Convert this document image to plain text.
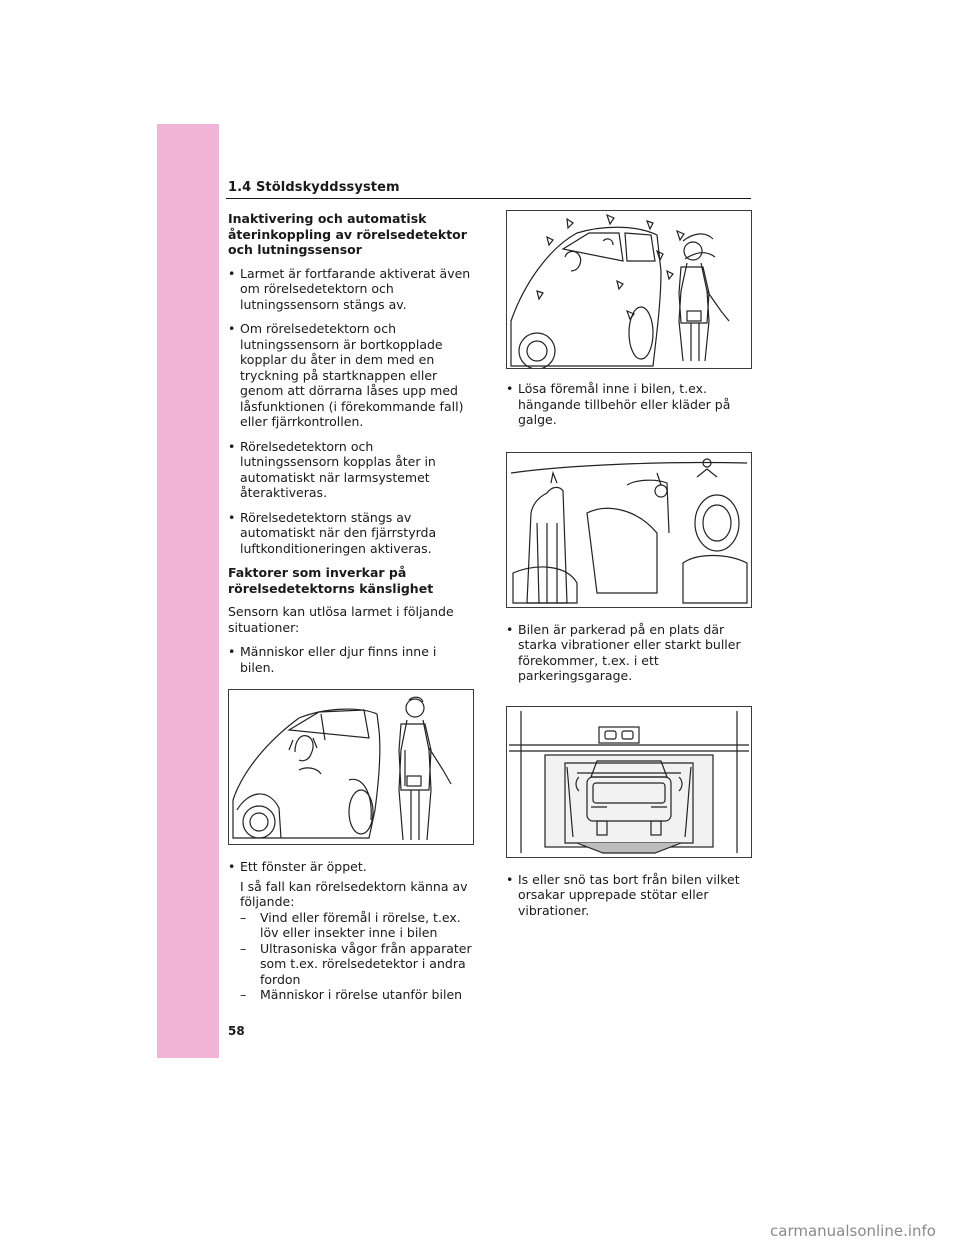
1.4 Stöldskyddssystem
Inaktivering och automatisk återinkoppling av rörelsedetektor och lutningssensor
• Larmet är fortfarande aktiverat även om rörelsedetektorn och lutningssensorn stängs av.
• Om rörelsedetektorn och lutningssensorn är bortkopplade kopplar du åter in dem med en tryckning på startknappen eller genom att dörrarna låses upp med låsfunktionen (i förekommande fall) eller fjärrkontrollen.
• Rörelsedetektorn och lutningssensorn kopplas åter in automatiskt när larmsystemet återaktiveras.
• Rörelsedetektorn stängs av automatiskt när den fjärrstyrda luftkonditioneringen aktiveras.
Faktorer som inverkar på rörelsedetektorns känslighet
Sensorn kan utlösa larmet i följande situationer:
• Människor eller djur finns inne i bilen.
• Ett fönster är öppet.
I så fall kan rörelsedektorn känna av följande:
– Vind eller föremål i rörelse, t.ex. löv eller insekter inne i bilen
– Ultrasoniska vågor från apparater som t.ex. rörelsedetektor i andra fordon
– Människor i rörelse utanför bilen
• Lösa föremål inne i bilen, t.ex. hängande tillbehör eller kläder på galge.
• Bilen är parkerad på en plats där starka vibrationer eller starkt buller förekommer, t.ex. i ett parkeringsgarage.
• Is eller snö tas bort från bilen vilket orsakar upprepade stötar eller vibrationer.
58
carmanualsonline.info
